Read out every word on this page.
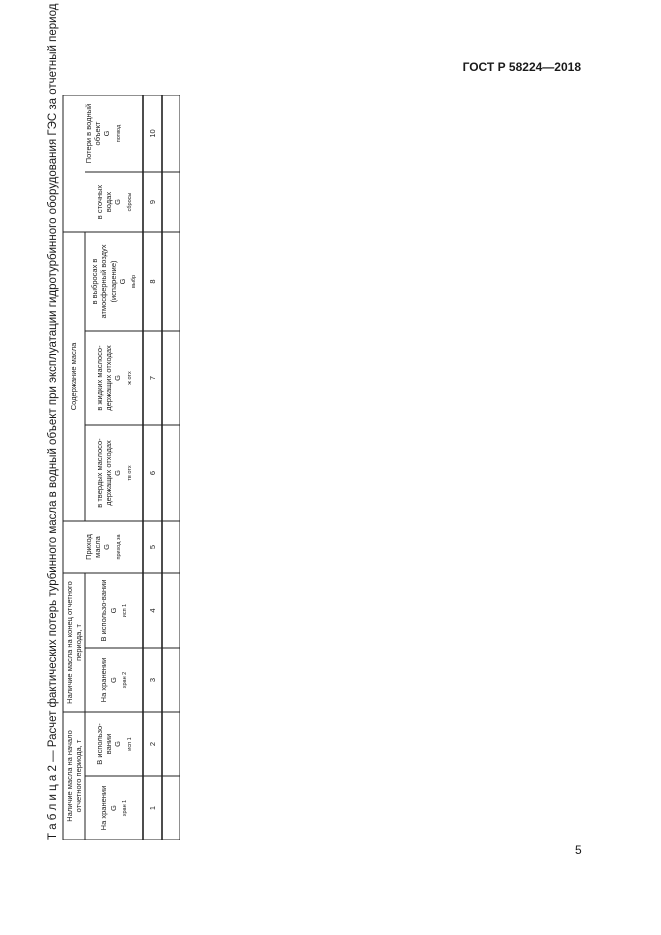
ГОСТ Р 58224—2018
Т а б л и ц а 2 — Расчет фактических потерь турбинного масла в водный объект при эксплуатации гидротурбинного оборудования ГЭС за отчетный период Наличие масла на начало отчетного периода, т
Наличие масла на конец отчетного периода, т
Содержание масла
На хранении G $_{хран 1}$
В использо-вании G $_{исп 1}$
На хранении G $_{хран 2}$
В использо-вании G $_{исп 1}$
Приход масла G $_{приход за}$
в твердых маслосо-держащих отходах G $_{тв отх}$
в жидких маслосо-держащих отходах G $_{ж отх}$
в выбросах в атмосферный воздух (испарение) G $_{выбр}$
в сточных водах G $_{сбросы}$
Потери в водный объект G $_{потвод}$
1
2
3
4
5
6
7
8
9
10
5
